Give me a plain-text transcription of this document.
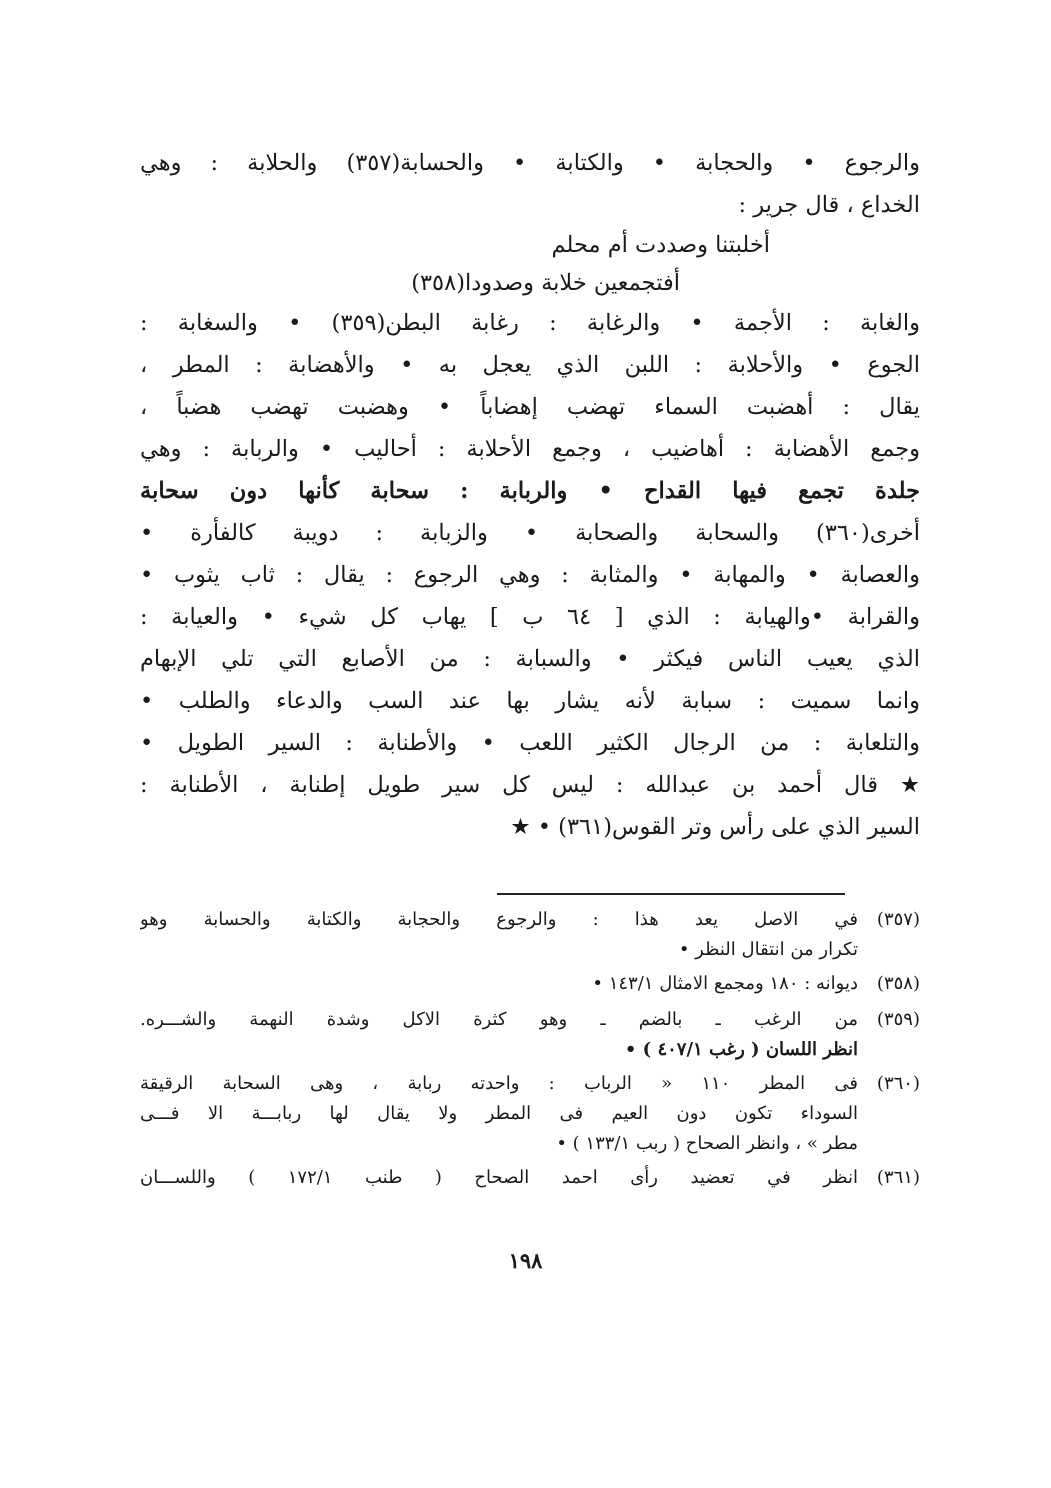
والرجوع • والحجابة • والكتابة • والحسابة(٣٥٧) والحلابة : وهي
الخداع ، قال جرير :
أخلبتنا وصددت أم محلم
أفتجمعين خلابة وصدودا(٣٥٨)
والغابة : الأجمة • والرغابة : رغابة البطن(٣٥٩) • والسغابة :
الجوع • والأحلابة : اللبن الذي يعجل به • والأهضابة : المطر ،
يقال : أهضبت السماء تهضب إهضاباً • وهضبت تهضب هضباً ،
وجمع الأهضابة : أهاضيب ، وجمع الأحلابة : أحاليب • والربابة : وهي
جلدة تجمع فيها القداح • والربابة : سحابة كأنها دون سحابة
أخرى(٣٦٠) والسحابة والصحابة • والزبابة : دويبة كالفأرة •
والعصابة • والمهابة • والمثابة : وهي الرجوع : يقال : ثاب يثوب •
والقرابة •والهيابة : الذي [ ٦٤ ب ] يهاب كل شيء • والعيابة :
الذي يعيب الناس فيكثر • والسبابة : من الأصابع التي تلي الإبهام
وانما سميت : سبابة لأنه يشار بها عند السب والدعاء والطلب •
والتلعابة : من الرجال الكثير اللعب • والأطنابة : السير الطويل •
★ قال أحمد بن عبدالله : ليس كل سير طويل إطنابة ، الأطنابة :
السير الذي على رأس وتر القوس(٣٦١) • ★
(٣٥٧)
في الاصل يعد هذا : والرجوع والحجابة والكتابة والحسابة وهو
تكرار من انتقال النظر •
(٣٥٨)
ديوانه : ١٨٠ ومجمع الامثال ١٤٣/١ •
(٣٥٩)
من الرغب ـ بالضم ـ وهو كثرة الاكل وشدة النهمة والشـــره.
انظر اللسان ( رغب ٤٠٧/١ ) •
(٣٦٠)
فى المطر ١١٠ « الرباب : واحدته ربابة ، وهى السحابة الرقيقة
السوداء تكون دون العيم فى المطر ولا يقال لها ربابـــة الا فـــى
مطر » ، وانظر الصحاح ( ربب ١٣٣/١ ) •
(٣٦١)
انظر في تعضيد رأى احمد الصحاح ( طنب ١٧٢/١ ) واللســـان
١٩٨
